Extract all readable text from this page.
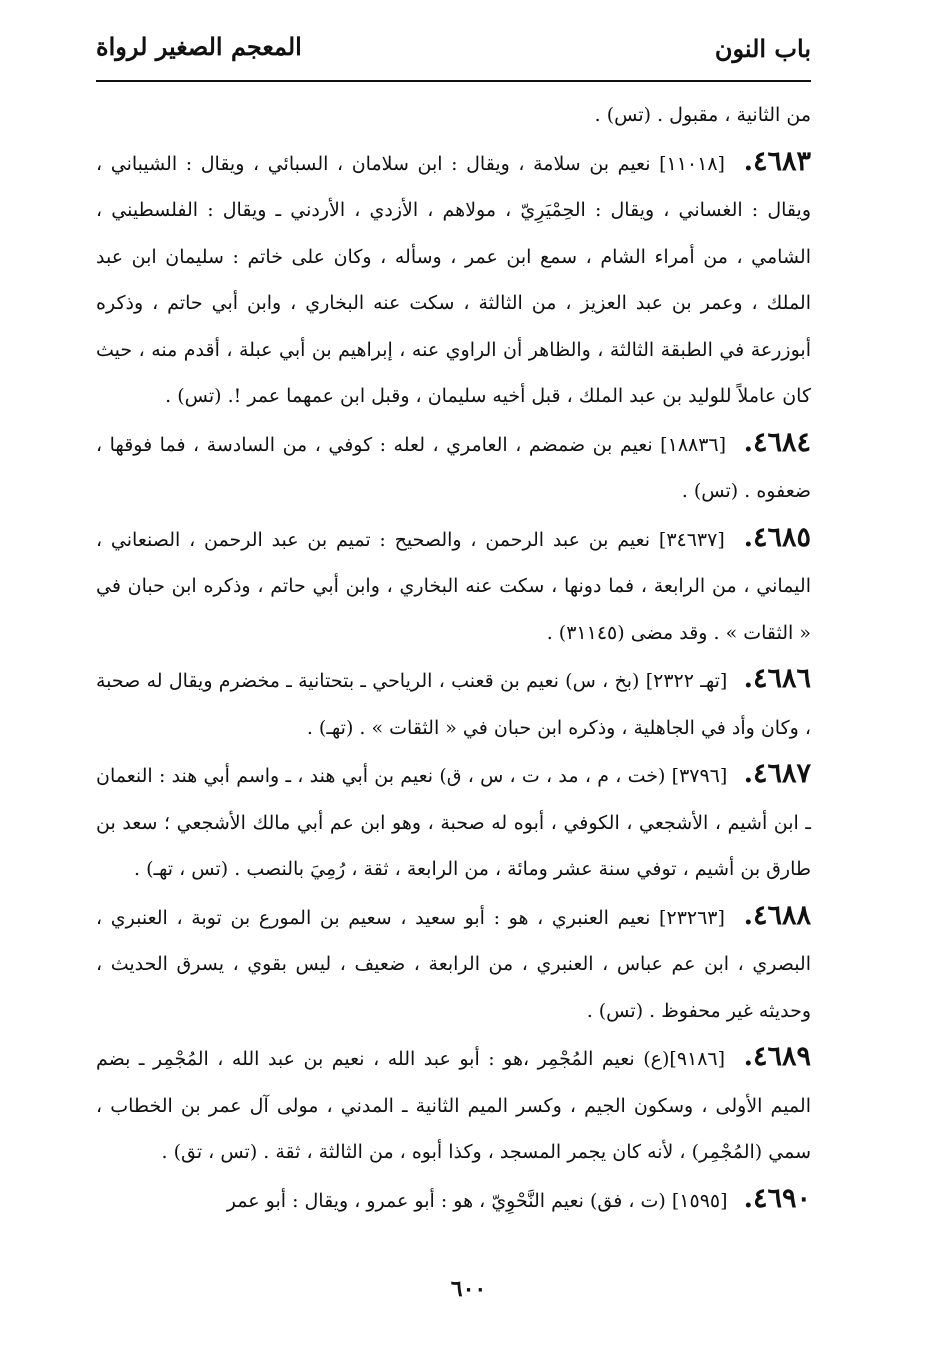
باب النون
المعجم الصغير لرواة

من الثانية ، مقبول . (تس) .

٤٦٨٣. [١١٠١٨] نعيم بن سلامة ، ويقال : ابن سلامان ، السبائي ، ويقال : الشيباني ، ويقال : الغساني ، ويقال : الحِمْيَرِيّ ، مولاهم ، الأزدي ، الأردني ـ ويقال : الفلسطيني ، الشامي ، من أمراء الشام ، سمع ابن عمر ، وسأله ، وكان على خاتم : سليمان ابن عبد الملك ، وعمر بن عبد العزيز ، من الثالثة ، سكت عنه البخاري ، وابن أبي حاتم ، وذكره أبوزرعة في الطبقة الثالثة ، والظاهر أن الراوي عنه ، إبراهيم بن أبي عبلة ، أقدم منه ، حيث كان عاملاً للوليد بن عبد الملك ، قبل أخيه سليمان ، وقبل ابن عمهما عمر !. (تس) .

٤٦٨٤. [١٨٨٣٦] نعيم بن ضمضم ، العامري ، لعله : كوفي ، من السادسة ، فما فوقها ، ضعفوه . (تس) .

٤٦٨٥. [٣٤٦٣٧] نعيم بن عبد الرحمن ، والصحيح : تميم بن عبد الرحمن ، الصنعاني ، اليماني ، من الرابعة ، فما دونها ، سكت عنه البخاري ، وابن أبي حاتم ، وذكره ابن حبان في « الثقات » . وقد مضى (٣١١٤٥) .

٤٦٨٦. [تهـ ٢٣٢٢] (بخ ، س) نعيم بن قعنب ، الرياحي ـ بتحتانية ـ مخضرم ويقال له صحبة ، وكان وأد في الجاهلية ، وذكره ابن حبان في « الثقات » . (تهـ) .

٤٦٨٧. [٣٧٩٦] (خت ، م ، مد ، ت ، س ، ق) نعيم بن أبي هند ، ـ واسم أبي هند : النعمان ـ ابن أشيم ، الأشجعي ، الكوفي ، أبوه له صحبة ، وهو ابن عم أبي مالك الأشجعي ؛ سعد بن طارق بن أشيم ، توفي سنة عشر ومائة ، من الرابعة ، ثقة ، رُمِيَ بالنصب . (تس ، تهـ) .

٤٦٨٨. [٢٣٢٦٣] نعيم العنبري ، هو : أبو سعيد ، سعيم بن المورع بن توبة ، العنبري ، البصري ، ابن عم عباس ، العنبري ، من الرابعة ، ضعيف ، ليس بقوي ، يسرق الحديث ، وحديثه غير محفوظ . (تس) .

٤٦٨٩. [٩١٨٦](ع) نعيم المُجْمِر ،هو : أبو عبد الله ، نعيم بن عبد الله ، المُجْمِر ـ بضم الميم الأولى ، وسكون الجيم ، وكسر الميم الثانية ـ المدني ، مولى آل عمر بن الخطاب ، سمي (المُجْمِر) ، لأنه كان يجمر المسجد ، وكذا أبوه ، من الثالثة ، ثقة . (تس ، تق) .

٤٦٩٠. [١٥٩٥] (ت ، فق) نعيم النَّحْوِيّ ، هو : أبو عمرو ، ويقال : أبو عمر

٦٠٠
